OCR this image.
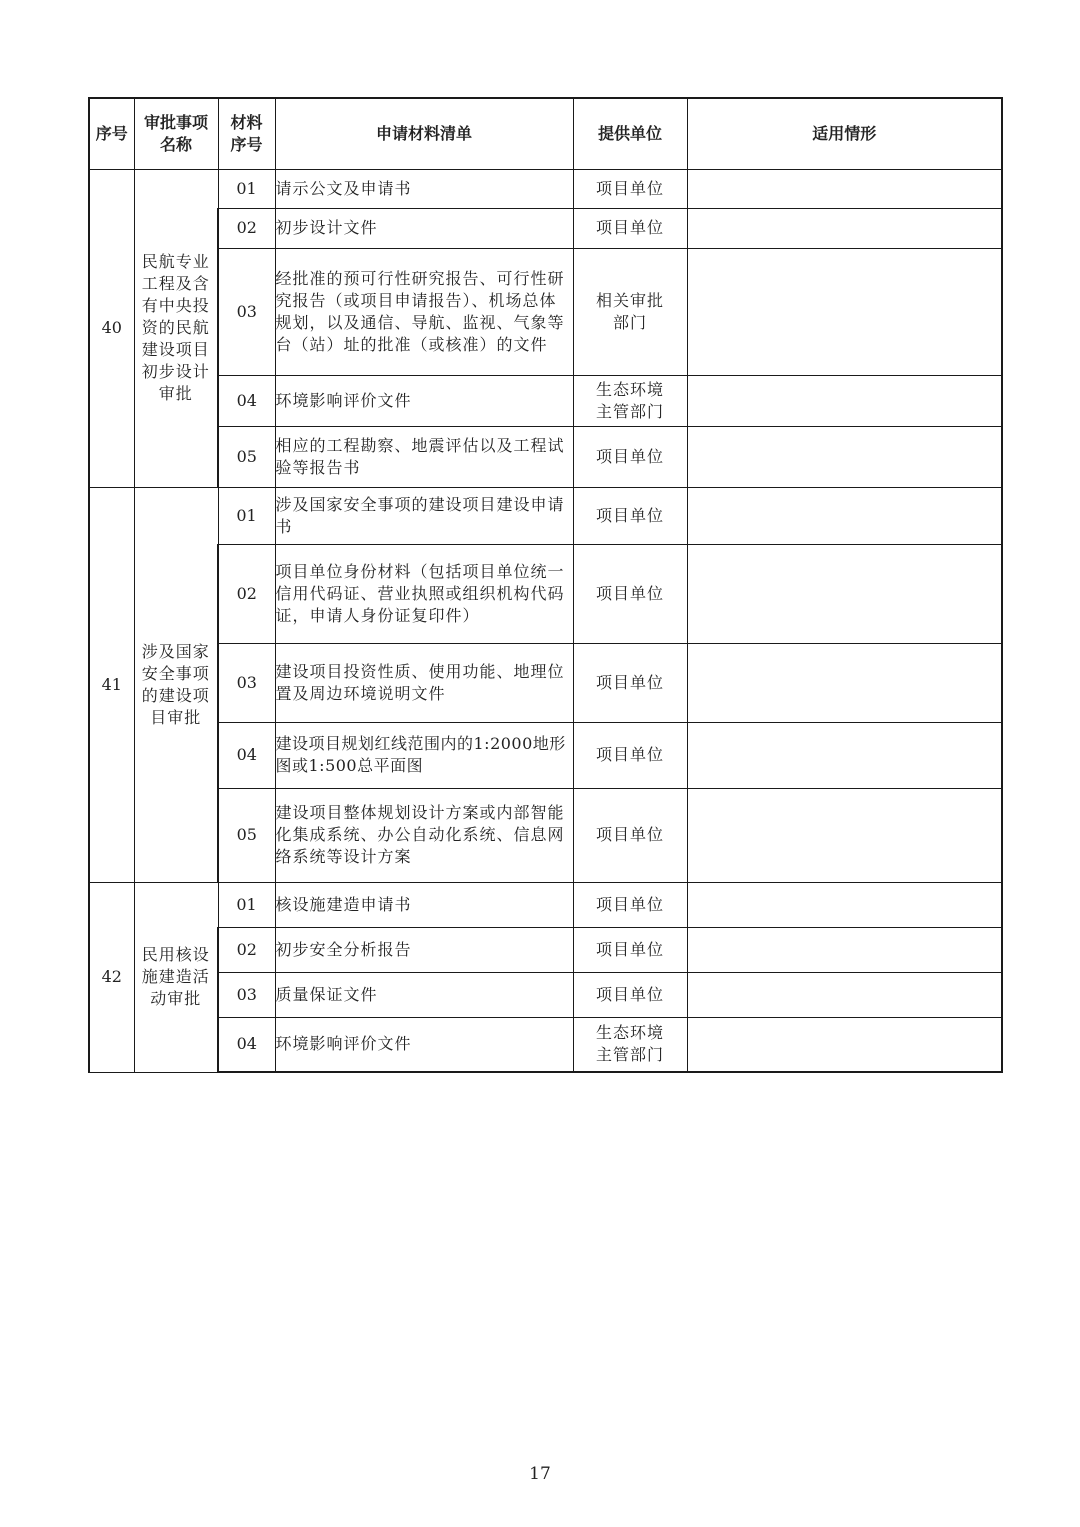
序号	审批事项名称	材料序号	申请材料清单	提供单位	适用情形
40	民航专业工程及含有中央投资的民航建设项目初步设计审批	01	请示公文及申请书	项目单位	
		02	初步设计文件	项目单位	
		03	经批准的预可行性研究报告、可行性研究报告（或项目申请报告）、机场总体规划，以及通信、导航、监视、气象等台（站）址的批准（或核准）的文件	相关审批部门	
		04	环境影响评价文件	生态环境主管部门	
		05	相应的工程勘察、地震评估以及工程试验等报告书	项目单位	
41	涉及国家安全事项的建设项目审批	01	涉及国家安全事项的建设项目建设申请书	项目单位	
		02	项目单位身份材料（包括项目单位统一信用代码证、营业执照或组织机构代码证，申请人身份证复印件）	项目单位	
		03	建设项目投资性质、使用功能、地理位置及周边环境说明文件	项目单位	
		04	建设项目规划红线范围内的1:2000地形图或1:500总平面图	项目单位	
		05	建设项目整体规划设计方案或内部智能化集成系统、办公自动化系统、信息网络系统等设计方案	项目单位	
42	民用核设施建造活动审批	01	核设施建造申请书	项目单位	
		02	初步安全分析报告	项目单位	
		03	质量保证文件	项目单位	
		04	环境影响评价文件	生态环境主管部门	
17
